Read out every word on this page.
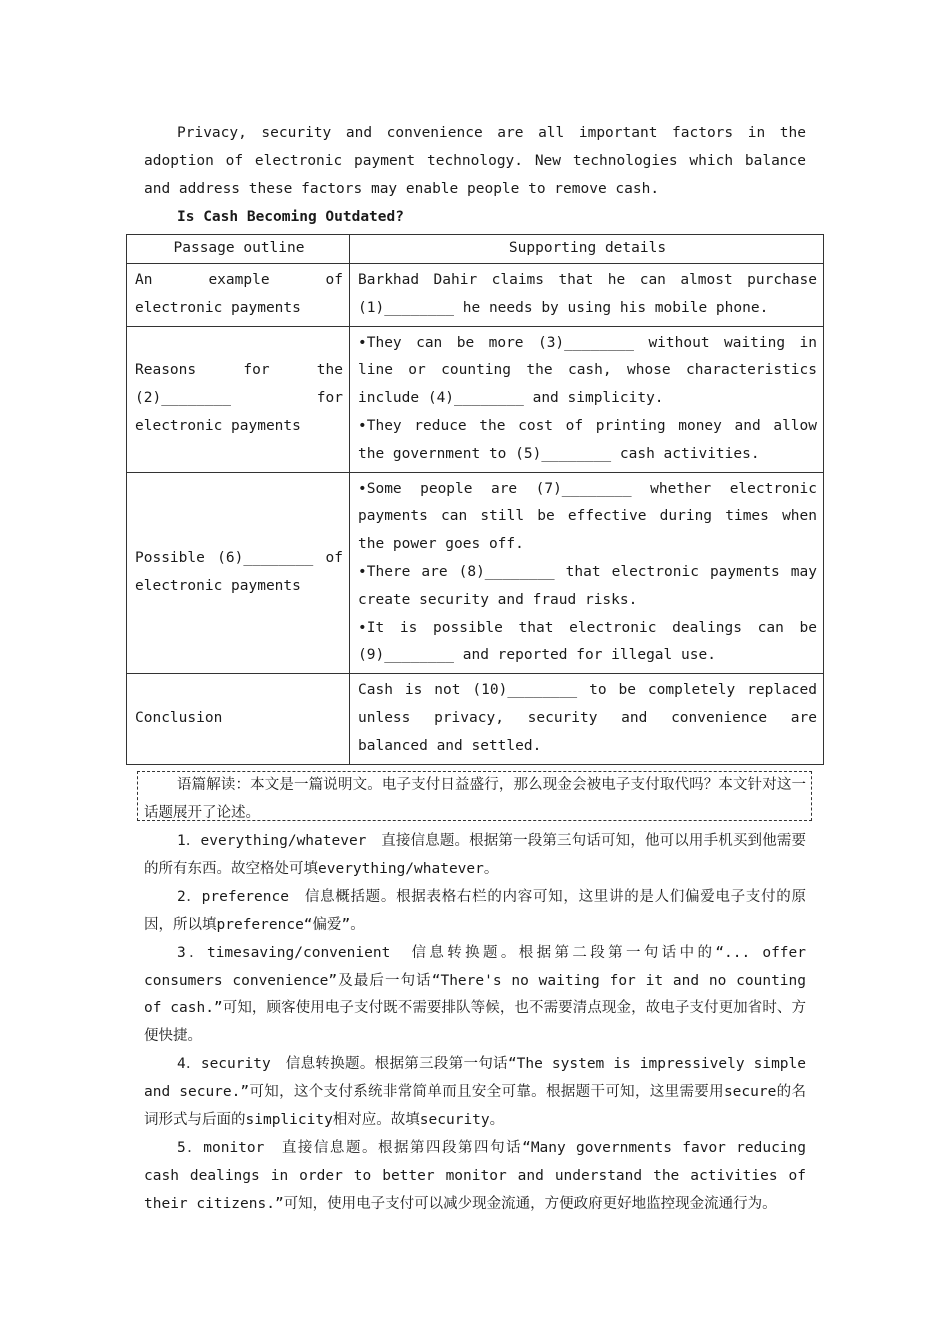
Privacy, security and convenience are all important factors in the adoption of electronic payment technology. New technologies which balance and address these factors may enable people to remove cash.

Is Cash Becoming Outdated?

Passage outline	Supporting details
An example of electronic payments	Barkhad Dahir claims that he can almost purchase (1)________ he needs by using his mobile phone.

Reasons for the (2)________ for electronic payments	•They can be more (3)________ without waiting in line or counting the cash, whose characteristics include (4)________ and simplicity.
•They reduce the cost of printing money and allow the government to (5)________ cash activities.

Possible (6)________ of electronic payments	•Some people are (7)________ whether electronic payments can still be effective during times when the power goes off.
•There are (8)________ that electronic payments may create security and fraud risks.
•It is possible that electronic dealings can be (9)________ and reported for illegal use.

Conclusion	Cash is not (10)________ to be completely replaced unless privacy, security and convenience are balanced and settled.

语篇解读：本文是一篇说明文。电子支付日益盛行，那么现金会被电子支付取代吗？本文针对这一话题展开了论述。

1．everything/whatever　直接信息题。根据第一段第三句话可知，他可以用手机买到他需要的所有东西。故空格处可填everything/whatever。

2．preference　信息概括题。根据表格右栏的内容可知，这里讲的是人们偏爱电子支付的原因，所以填preference“偏爱”。

3．timesaving/convenient　信息转换题。根据第二段第一句话中的“... offer consumers convenience”及最后一句话“There's no waiting for it and no counting of cash.”可知，顾客使用电子支付既不需要排队等候，也不需要清点现金，故电子支付更加省时、方便快捷。

4．security　信息转换题。根据第三段第一句话“The system is impressively simple and secure.”可知，这个支付系统非常简单而且安全可靠。根据题干可知，这里需要用secure的名词形式与后面的simplicity相对应。故填security。

5．monitor　直接信息题。根据第四段第四句话“Many governments favor reducing cash dealings in order to better monitor and understand the activities of their citizens.”可知，使用电子支付可以减少现金流通，方便政府更好地监控现金流通行为。
